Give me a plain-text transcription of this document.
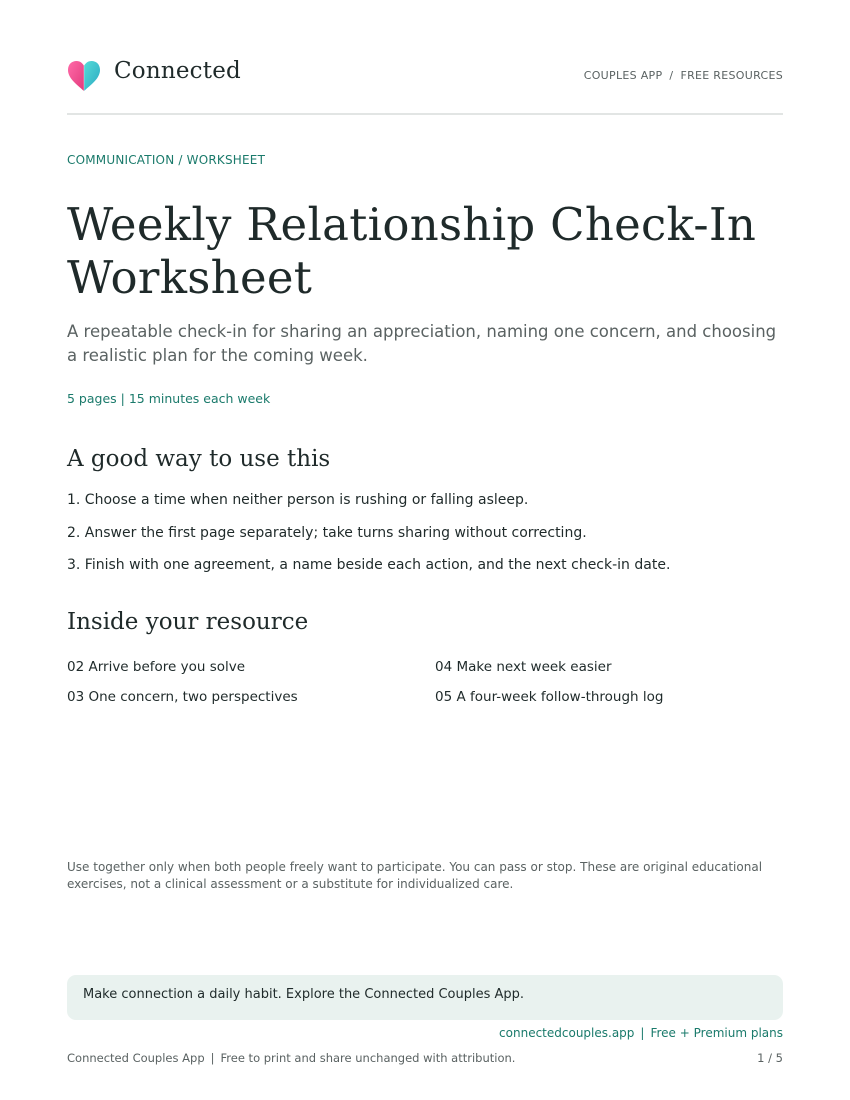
Connected	COUPLES APP / FREE RESOURCES
COMMUNICATION / WORKSHEET
Weekly Relationship Check-In
Worksheet

A repeatable check-in for sharing an appreciation, naming one concern, and choosing a realistic plan for the coming week.

5 pages | 15 minutes each week
A good way to use this
1. Choose a time when neither person is rushing or falling asleep.
2. Answer the first page separately; take turns sharing without correcting.
3. Finish with one agreement, a name beside each action, and the next check-in date.
Inside your resource
02 Arrive before you solve
03 One concern, two perspectives
04 Make next week easier
05 A four-week follow-through log

Use together only when both people freely want to participate. You can pass or stop. These are original educational exercises, not a clinical assessment or a substitute for individualized care.

Make connection a daily habit. Explore the Connected Couples App.
connectedcouples.app | Free + Premium plans
Connected Couples App | Free to print and share unchanged with attribution.	1 / 5
